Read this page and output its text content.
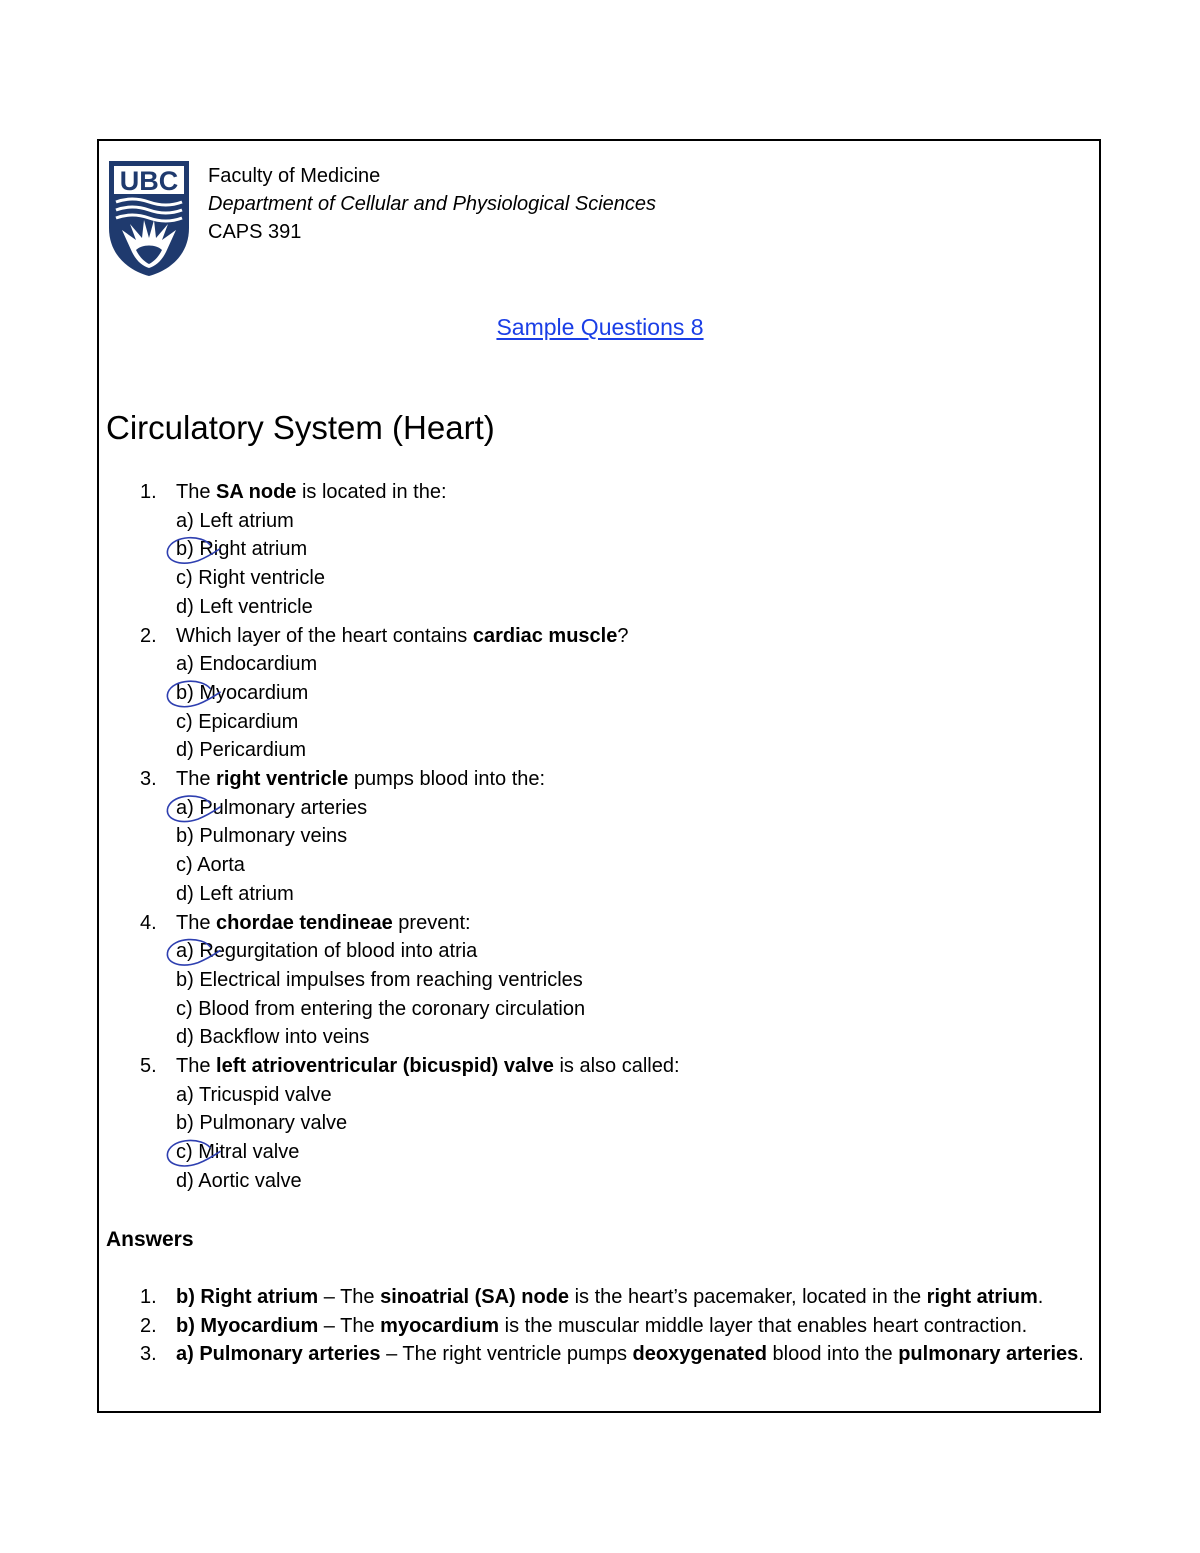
UBC Faculty of Medicine
Department of Cellular and Physiological Sciences
CAPS 391
Sample Questions 8
Circulatory System (Heart)
1. The SA node is located in the:
a) Left atrium
b) Right atrium
c) Right ventricle
d) Left ventricle
2. Which layer of the heart contains cardiac muscle?
a) Endocardium
b) Myocardium
c) Epicardium
d) Pericardium
3. The right ventricle pumps blood into the:
a) Pulmonary arteries
b) Pulmonary veins
c) Aorta
d) Left atrium
4. The chordae tendineae prevent:
a) Regurgitation of blood into atria
b) Electrical impulses from reaching ventricles
c) Blood from entering the coronary circulation
d) Backflow into veins
5. The left atrioventricular (bicuspid) valve is also called:
a) Tricuspid valve
b) Pulmonary valve
c) Mitral valve
d) Aortic valve
Answers
1. b) Right atrium – The sinoatrial (SA) node is the heart’s pacemaker, located in the right atrium.
2. b) Myocardium – The myocardium is the muscular middle layer that enables heart contraction.
3. a) Pulmonary arteries – The right ventricle pumps deoxygenated blood into the pulmonary arteries.
